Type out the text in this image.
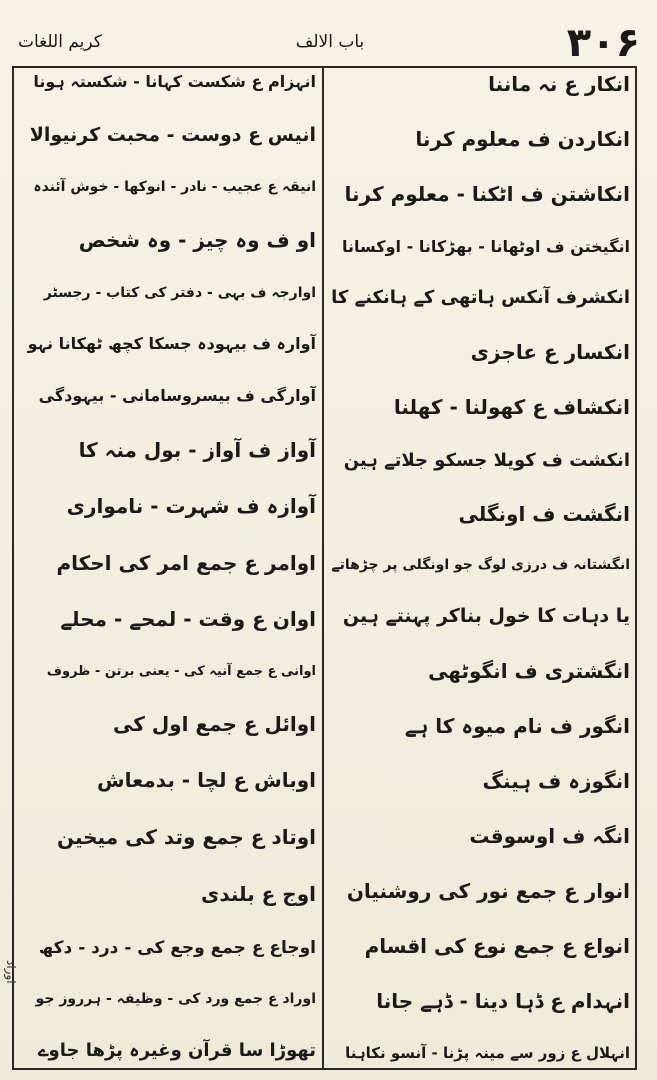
۳۰۶
باب الالف
کریم اللغات
انکار ع نہ ماننا
انکاردن ف معلوم کرنا
انکاشتن ف اٹکنا - معلوم کرنا
انگیختن ف اوٹھانا - بھڑکانا - اوکسانا
انکشرف آنکس ہاتھی کے ہانکنے کا
انکسار ع عاجزی
انکشاف ع کھولنا - کھلنا
انکشت ف کویلا جسکو جلاتے ہین
انگشت ف اونگلی
انگشتانہ ف درزی لوگ جو اونگلی پر چڑھاتے
یا دہات کا خول بناکر پہنتے ہین
انگشتری ف انگوٹھی
انگور ف نام میوہ کا ہے
انگوزہ ف ہینگ
انگہ ف اوسوقت
انوار ع جمع نور کی روشنیان
انواع ع جمع نوع کی اقسام
انہدام ع ڈہا دینا - ڈہے جانا
انہلال ع زور سے مینہ پڑنا - آنسو نکاہنا
انہزام ع شکست کہانا - شکستہ ہونا
انیس ع دوست - محبت کرنیوالا
انیقہ ع عجیب - نادر - انوکھا - خوش آئندہ
او ف وہ چیز - وہ شخص
اوارجہ ف بہی - دفتر کی کتاب - رجسٹر
آوارہ ف بیہودہ جسکا کچھ ٹھکانا نہو
آوارگی ف بیسروسامانی - بیہودگی
آواز ف آواز - بول منہ کا
آوازہ ف شہرت - نامواری
اوامر ع جمع امر کی احکام
اوان ع وقت - لمحے - محلے
اوانی ع جمع آنیہ کی - یعنی برتن - ظروف
اوائل ع جمع اول کی
اوباش ع لچا - بدمعاش
اوتاد ع جمع وتد کی میخین
اوج ع بلندی
اوجاع ع جمع وجع کی - درد - دکھ
اوراد ع جمع ورد کی - وظیفہ - ہرروز جو
تھوڑا سا قرآن وغیرہ پڑھا جاوے
اوراد
